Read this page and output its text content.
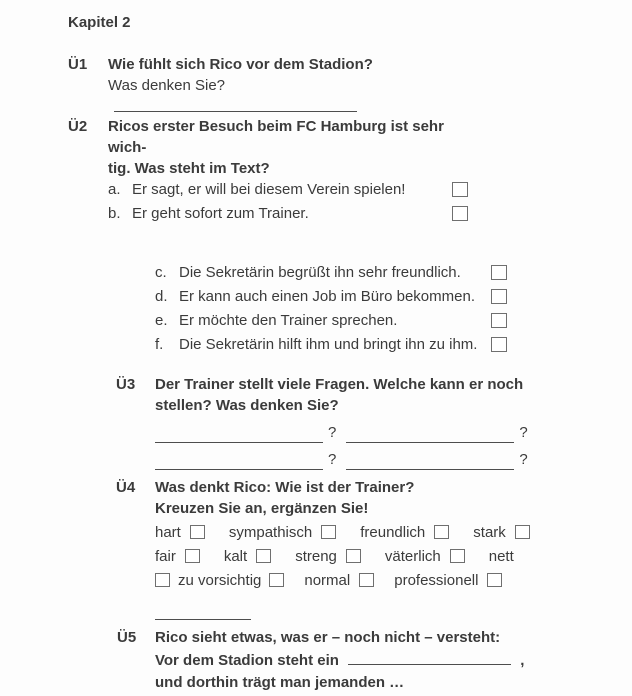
Kapitel 2
Ü1	Wie fühlt sich Rico vor dem Stadion?
Was denken Sie?
Ü2	Ricos erster Besuch beim FC Hamburg ist sehr wich-
tig. Was steht im Text?
a. Er sagt, er will bei diesem Verein spielen!
b. Er geht sofort zum Trainer.
c. Die Sekretärin begrüßt ihn sehr freundlich.
d. Er kann auch einen Job im Büro bekommen.
e. Er möchte den Trainer sprechen.
f.	Die Sekretärin hilft ihm und bringt ihn zu ihm.
Ü3	Der Trainer stellt viele Fragen. Welche kann er noch
stellen? Was denken Sie?
?	?
?	?
Ü4	Was denkt Rico: Wie ist der Trainer?
Kreuzen Sie an, ergänzen Sie!
hart	sympathisch	freundlich	stark
fair	kalt	streng	väterlich	nett
zu vorsichtig	normal	professionell
Ü5	Rico sieht etwas, was er – noch nicht – versteht:
Vor dem Stadion steht ein	,
und dorthin trägt man jemanden …
